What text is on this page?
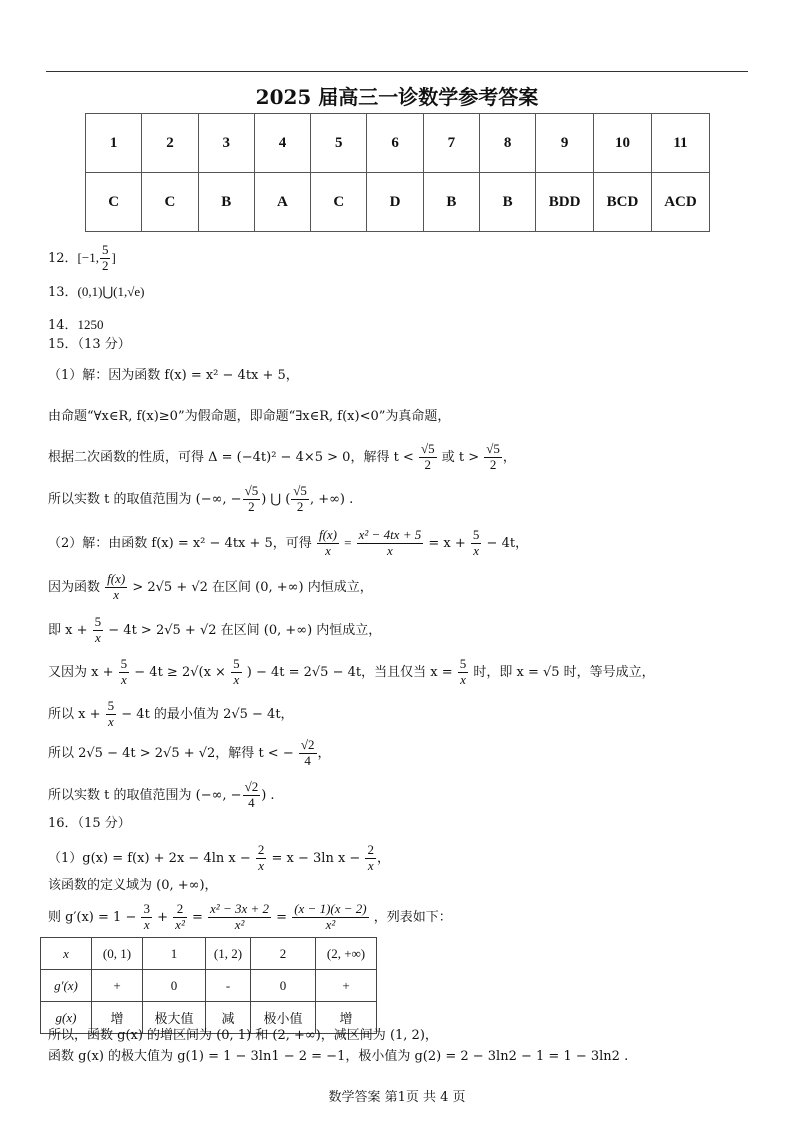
2025 届高三一诊数学参考答案
1	2	3	4	5	6	7	8	9	10	11
C	C	B	A	C	D	B	B	BDD	BCD	ACD
12．[−1, $\frac{5}{2}$ ]
13．(0,1)⋃(1,√e)
14．1250
15．（13 分）
（1）解：因为函数 f(x) = x² − 4tx + 5，
由命题“∀x∈R, f(x)≥0”为假命题，即命题“∃x∈R, f(x)<0”为真命题，
根据二次函数的性质，可得 Δ = (−4t)² − 4×5 > 0，解得 $t < \frac{√5}{2}$ 或 $t > \frac{√5}{2}$ ，
所以实数 t 的取值范围为 (−∞, − $\frac{√5}{2}$ ) ⋃ ( $\frac{√5}{2}$ , +∞) .
（2）解：由函数 f(x) = x² − 4tx + 5，可得 $\frac{f(x)}{x} = \frac{\text{x² − 4tx + 5}}{x} = x + \frac{5}{x} - 4t$，
因为函数 $\frac{f(x)}{x} > 2√5 + √2$ 在区间 (0, +∞) 内恒成立，
即 $x + \frac{5}{x} - 4t > 2√5 + √2$ 在区间 (0, +∞) 内恒成立，
又因为 $x + \frac{5}{x} - 4t \ge 2√(x \times \frac{5}{x}$ ) − 4t = 2√5 − 4t，当且仅当 $x = \frac{5}{x}$ 时，即 x = √5 时，等号成立，
所以 $x + \frac{5}{x} - 4t$ 的最小值为 2√5 − 4t，
所以 2√5 − 4t > 2√5 + √2，解得 t < − $\frac{√2}{4}$ ，
所以实数 t 的取值范围为 (−∞, − $\frac{√2}{4}$ ) .
16．（15 分）
（1）g(x) = f(x) + 2x − 4ln $x - \frac{2}{x} = x - 3\ln$ $x - \frac{2}{x}$ ，
该函数的定义域为 (0, +∞)，
则 $g'(x) = 1 - \frac{3}{x} + \frac{2}{\text{x²}} = \frac{\text{x² − 3x + 2}}{\text{x²}} = \frac{(x - 1)(x - 2)}{\text{x²}}$ ，列表如下：
x	(0, 1)	1	(1, 2)	2	(2, +∞)
g′(x)	+	0	-	0	+
g(x)	增	极大值	减	极小值	增
所以，函数 g(x) 的增区间为 (0, 1) 和 (2, +∞)，减区间为 (1, 2)，
函数 g(x) 的极大值为 g(1) = 1 − 3ln1 − 2 = −1，极小值为 g(2) = 2 − 3ln2 − 1 = 1 − 3ln2 .
数学答案 第1页 共 4 页
